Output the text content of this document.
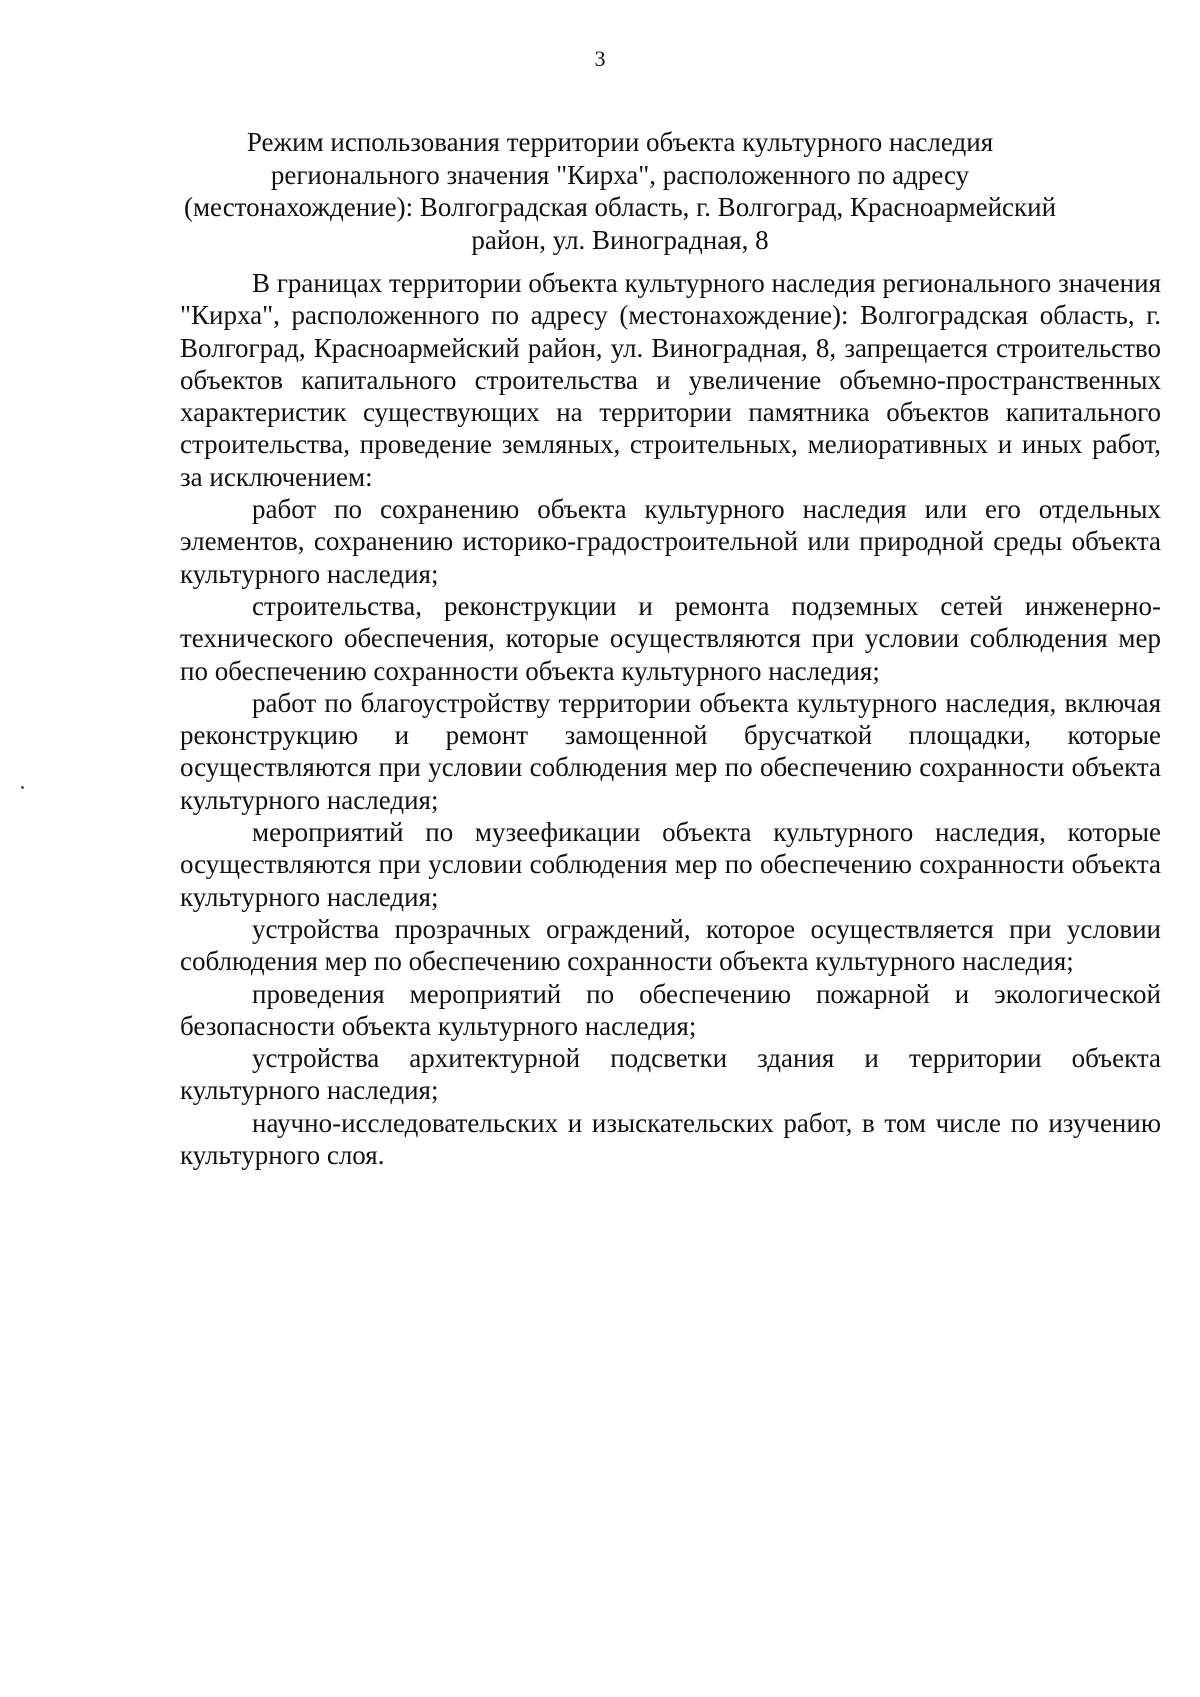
3

Режим использования территории объекта культурного наследия
регионального значения "Кирха", расположенного по адресу
(местонахождение): Волгоградская область, г. Волгоград, Красноармейский
район, ул. Виноградная, 8

В границах территории объекта культурного наследия регионального значения "Кирха", расположенного по адресу (местонахождение): Волгоградская область, г. Волгоград, Красноармейский район, ул. Виноградная, 8, запрещается строительство объектов капитального строительства и увеличение объемно-пространственных характеристик существующих на территории памятника объектов капитального строительства, проведение земляных, строительных, мелиоративных и иных работ, за исключением:

работ по сохранению объекта культурного наследия или его отдельных элементов, сохранению историко-градостроительной или природной среды объекта культурного наследия;

строительства, реконструкции и ремонта подземных сетей инженерно-технического обеспечения, которые осуществляются при условии соблюдения мер по обеспечению сохранности объекта культурного наследия;

работ по благоустройству территории объекта культурного наследия, включая реконструкцию и ремонт замощенной брусчаткой площадки, которые осуществляются при условии соблюдения мер по обеспечению сохранности объекта культурного наследия;

мероприятий по музеефикации объекта культурного наследия, которые осуществляются при условии соблюдения мер по обеспечению сохранности объекта культурного наследия;

устройства прозрачных ограждений, которое осуществляется при условии соблюдения мер по обеспечению сохранности объекта культурного наследия;

проведения мероприятий по обеспечению пожарной и экологической безопасности объекта культурного наследия;

устройства архитектурной подсветки здания и территории объекта культурного наследия;

научно-исследовательских и изыскательских работ, в том числе по изучению культурного слоя.
